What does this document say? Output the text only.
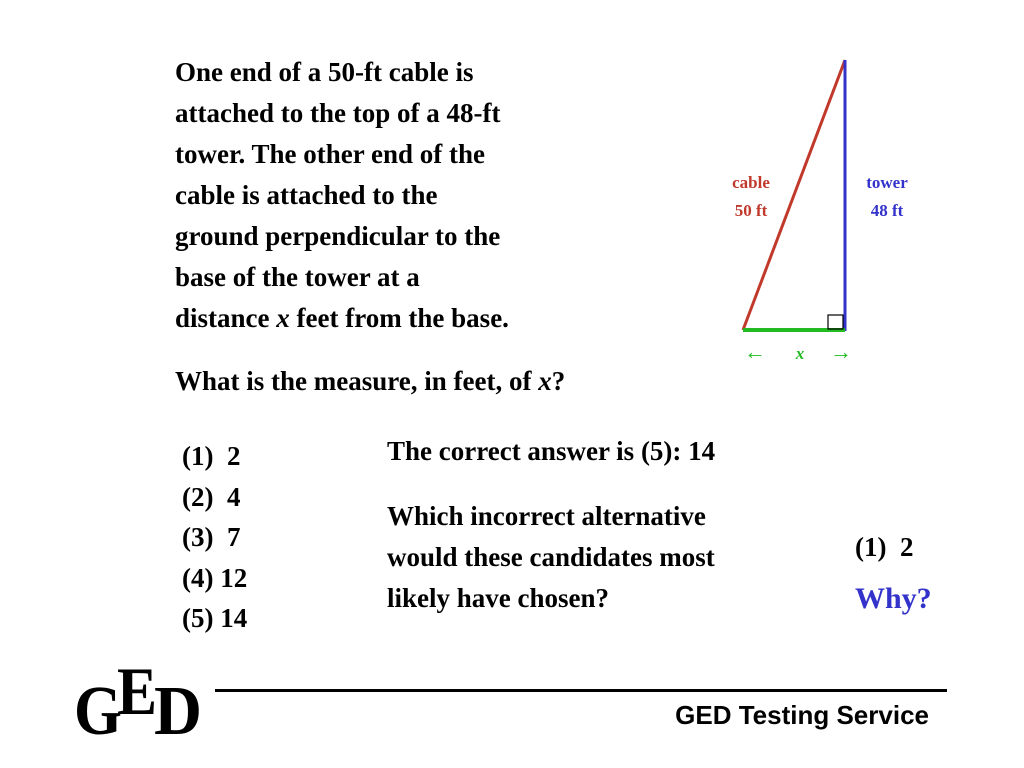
One end of a 50-ft cable is
attached to the top of a 48-ft
tower. The other end of the
cable is attached to the
ground perpendicular to the
base of the tower at a
distance x feet from the base.
What is the measure, in feet, of x?
(1)  2
(2)  4
(3)  7
(4) 12
(5) 14
The correct answer is (5): 14
Which incorrect alternative
would these candidates most
likely have chosen?
(1)  2
Why?
cable
50 ft
tower
48 ft
← x →
G
E
D	GED Testing Service
